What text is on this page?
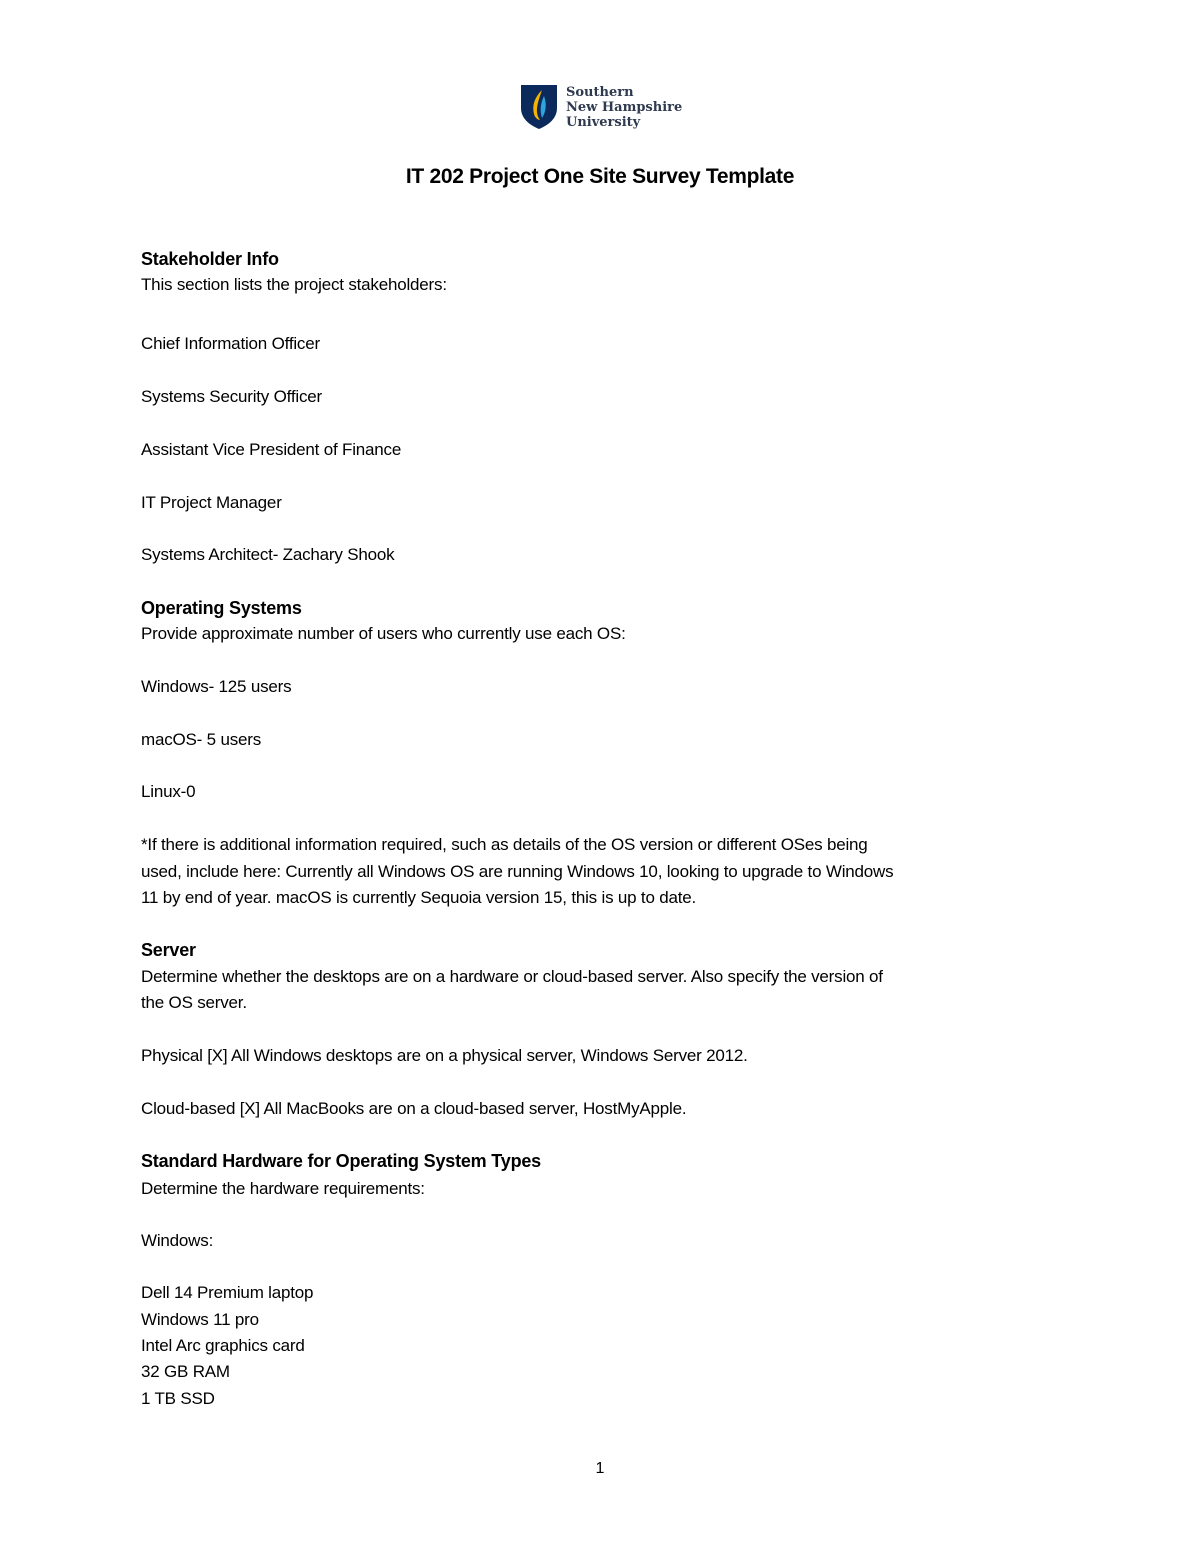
Southern
New Hampshire
University
IT 202 Project One Site Survey Template
Stakeholder Info
This section lists the project stakeholders:
Chief Information Officer
Systems Security Officer
Assistant Vice President of Finance
IT Project Manager
Systems Architect- Zachary Shook
Operating Systems
Provide approximate number of users who currently use each OS:
Windows- 125 users
macOS- 5 users
Linux-0
*If there is additional information required, such as details of the OS version or different OSes being
used, include here: Currently all Windows OS are running Windows 10, looking to upgrade to Windows
11 by end of year. macOS is currently Sequoia version 15, this is up to date.
Server
Determine whether the desktops are on a hardware or cloud-based server. Also specify the version of
the OS server.
Physical [X] All Windows desktops are on a physical server, Windows Server 2012.
Cloud-based [X] All MacBooks are on a cloud-based server, HostMyApple.
Standard Hardware for Operating System Types
Determine the hardware requirements:
Windows:
Dell 14 Premium laptop
Windows 11 pro
Intel Arc graphics card
32 GB RAM
1 TB SSD
1
